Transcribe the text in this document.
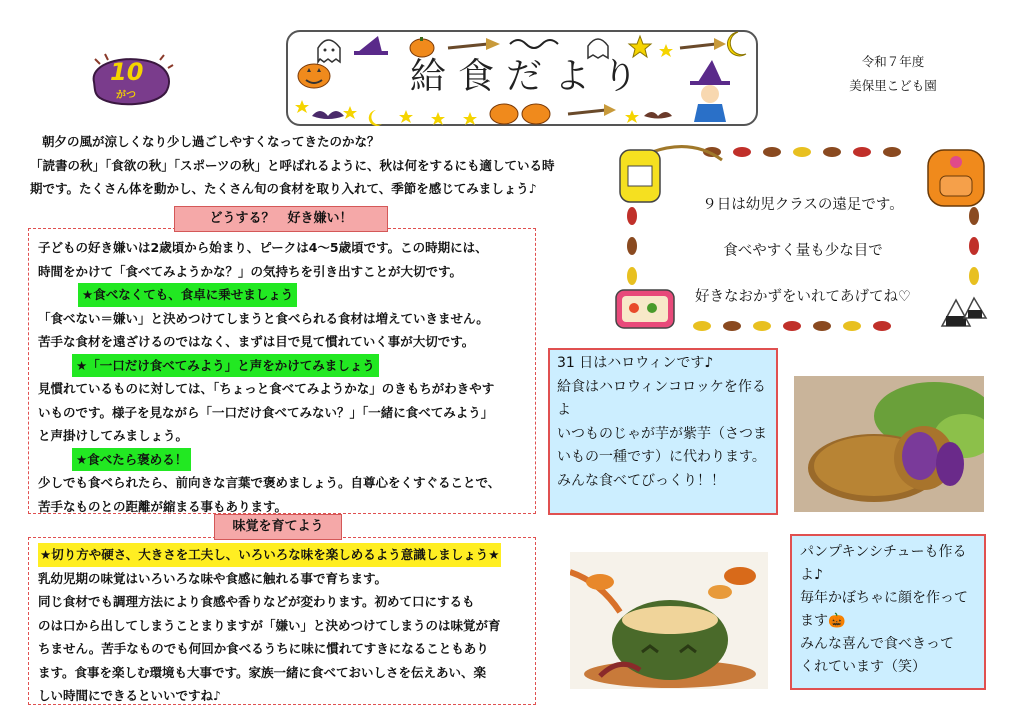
10
がつ	給食だより	令和７年度
美保里こども園

朝夕の風が涼しくなり少し過ごしやすくなってきたのかな？

「読書の秋」「食欲の秋」「スポーツの秋」と呼ばれるように、秋は何をするにも適している時

期です。たくさん体を動かし、たくさん旬の食材を取り入れて、季節を感じてみましょう♪

どうする？　好き嫌い！
子どもの好き嫌いは2歳頃から始まり、ピークは4～5歳頃です。この時期には、
時間をかけて「食べてみようかな？」の気持ちを引き出すことが大切です。
★食べなくても、食卓に乗せましょう
「食べない＝嫌い」と決めつけてしまうと食べられる食材は増えていきません。
苦手な食材を遠ざけるのではなく、まずは目で見て慣れていく事が大切です。
★「一口だけ食べてみよう」と声をかけてみましょう
見慣れているものに対しては、「ちょっと食べてみようかな」のきもちがわきやす
いものです。様子を見ながら「一口だけ食べてみない？」「一緒に食べてみよう」
と声掛けしてみましょう。
★食べたら褒める！
少しでも食べられたら、前向きな言葉で褒めましょう。自尊心をくすぐることで、
苦手なものとの距離が縮まる事もあります。
味覚を育てよう
★切り方や硬さ、大きさを工夫し、いろいろな味を楽しめるよう意識しましょう★
乳幼児期の味覚はいろいろな味や食感に触れる事で育ちます。
同じ食材でも調理方法により食感や香りなどが変わります。初めて口にするも
のは口から出してしまうことまりますが「嫌い」と決めつけてしまうのは味覚が育
ちません。苦手なものでも何回か食べるうちに味に慣れてすきになることもあり
ます。食事を楽しむ環境も大事です。家族一緒に食べておいしさを伝えあい、楽
しい時間にできるといいですね♪
９日は幼児クラスの遠足です。
食べやすく量も少な目で
好きなおかずをいれてあげてね♡
31 日はハロウィンです♪
給食はハロウィンコロッケを作る
よ
いつものじゃが芋が紫芋（さつま
いもの一種です）に代わります。
みんな食べてびっくり！！
パンプキンシチューも作る
よ♪
毎年かぼちゃに顔を作って
ます🎃
みんな喜んで食べきって
くれています（笑）
